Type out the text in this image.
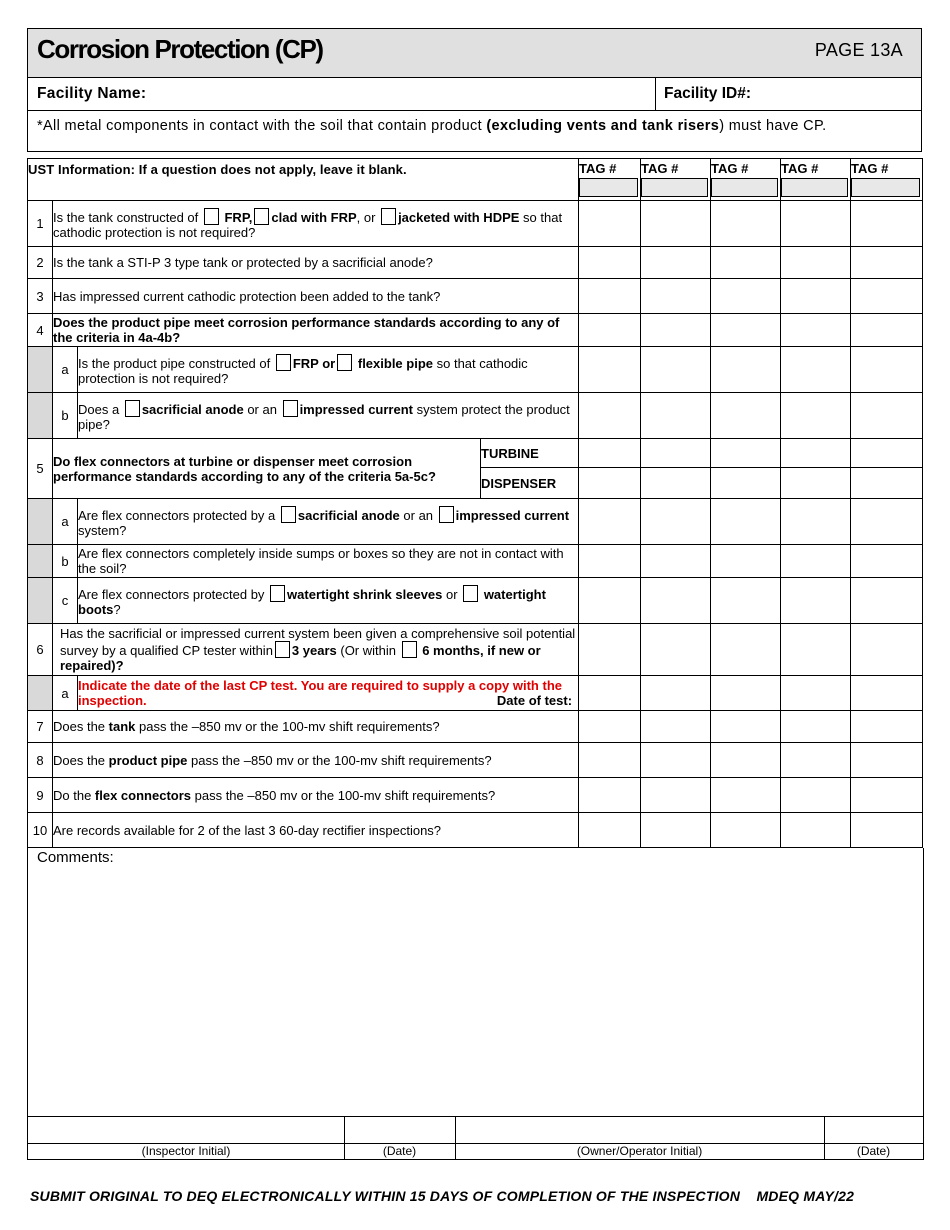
Corrosion Protection (CP)	PAGE 13A
Facility Name:	Facility ID#:
*All metal components in contact with the soil that contain product (excluding vents and tank risers) must have CP.
UST Information: If a question does not apply, leave it blank.				TAG #	TAG #	TAG #	TAG #	TAG #

1	Is the tank constructed of  FRP, clad with FRP, or jacketed with HDPE so that cathodic protection is not required?							
2	Is the tank a STI-P 3 type tank or protected by a sacrificial anode?							
3	Has impressed current cathodic protection been added to the tank?							
4	Does the product pipe meet corrosion performance standards according to any of the criteria in 4a-4b?							
	a	Is the product pipe constructed of FRP or flexible pipe so that cathodic protection is not required?						
	b	Does a sacrificial anode or an impressed current system protect the product pipe?						
5	Do flex connectors at turbine or dispenser meet corrosion performance standards according to any of the criteria 5a-5c?		TURBINE					
			DISPENSER					
	a	Are flex connectors protected by a sacrificial anode or an impressed current system?						
	b	Are flex connectors completely inside sumps or boxes so they are not in contact with the soil?						
	c	Are flex connectors protected by watertight shrink sleeves or  watertight boots?						
6	Has the sacrificial or impressed current system been given a comprehensive soil potential survey by a qualified CP tester within 3 years (Or within  6 months, if new or repaired)?							
	a	Indicate the date of the last CP test. You are required to supply a copy with the inspection. Date of test:						

7	Does the tank pass the –850 mv or the 100-mv shift requirements?							
8	Does the product pipe pass the –850 mv or the 100-mv shift requirements?							
9	Do the flex connectors pass the –850 mv or the 100-mv shift requirements?							
10	Are records available for 2 of the last 3 60-day rectifier inspections?							
Comments:
(Inspector Initial)	(Date)	(Owner/Operator Initial)	(Date)
SUBMIT ORIGINAL TO DEQ ELECTRONICALLY WITHIN 15 DAYS OF COMPLETION OF THE INSPECTION    MDEQ MAY/22
